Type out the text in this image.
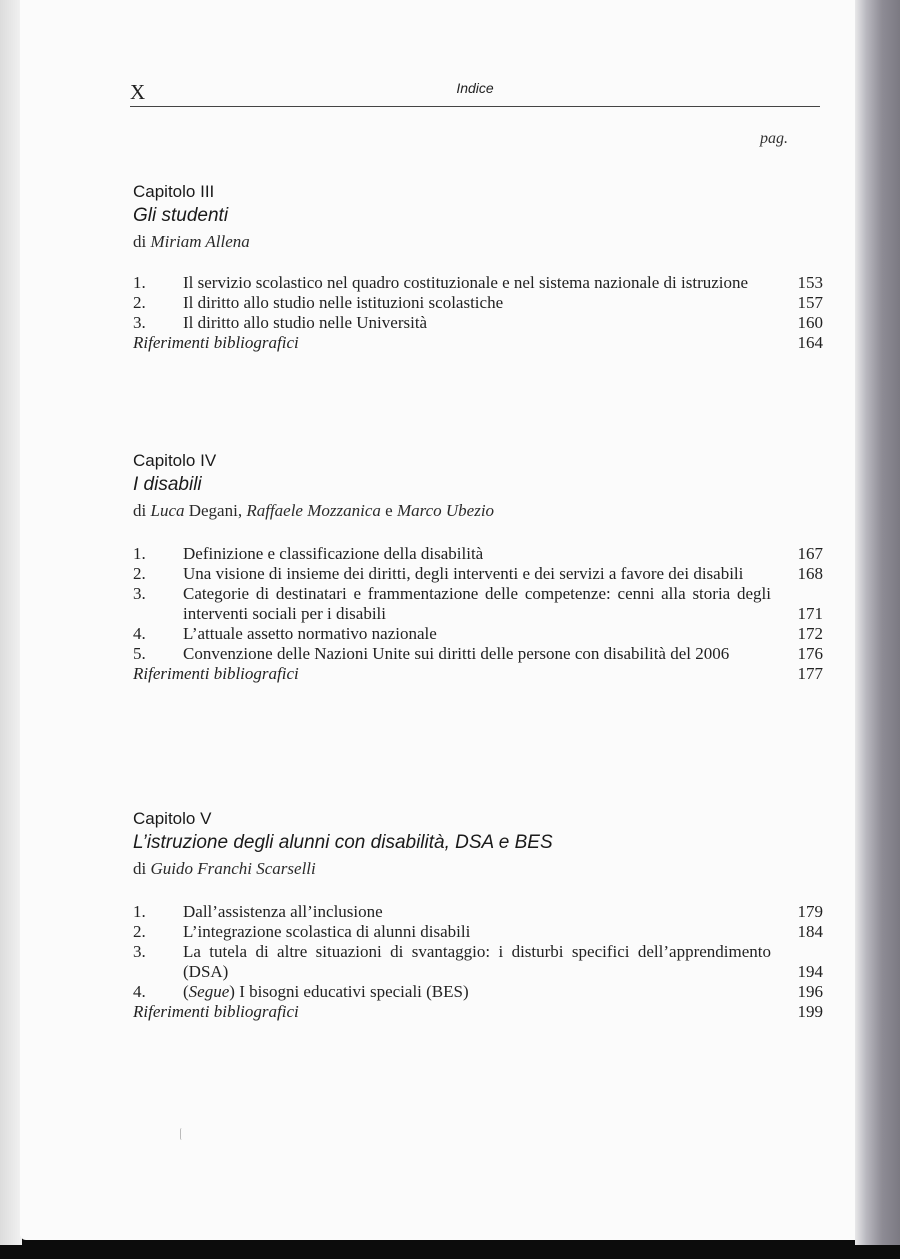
X	Indice
pag.
Capitolo III
Gli studenti
di Miriam Allena
1.	Il servizio scolastico nel quadro costituzionale e nel sistema nazionale di istruzione	153
2.	Il diritto allo studio nelle istituzioni scolastiche	157
3.	Il diritto allo studio nelle Università	160
Riferimenti bibliografici	164
Capitolo IV
I disabili
di Luca Degani, Raffaele Mozzanica e Marco Ubezio
1.	Definizione e classificazione della disabilità	167
2.	Una visione di insieme dei diritti, degli interventi e dei servizi a favore dei disabili	168
3.	Categorie di destinatari e frammentazione delle competenze: cenni alla storia degli interventi sociali per i disabili	171
4.	L’attuale assetto normativo nazionale	172
5.	Convenzione delle Nazioni Unite sui diritti delle persone con disabilità del 2006	176
Riferimenti bibliografici	177
Capitolo V
L’istruzione degli alunni con disabilità, DSA e BES
di Guido Franchi Scarselli
1.	Dall’assistenza all’inclusione	179
2.	L’integrazione scolastica di alunni disabili	184
3.	La tutela di altre situazioni di svantaggio: i disturbi specifici dell’apprendimento (DSA)	194
4.	(Segue) I bisogni educativi speciali (BES)	196
Riferimenti bibliografici	199
